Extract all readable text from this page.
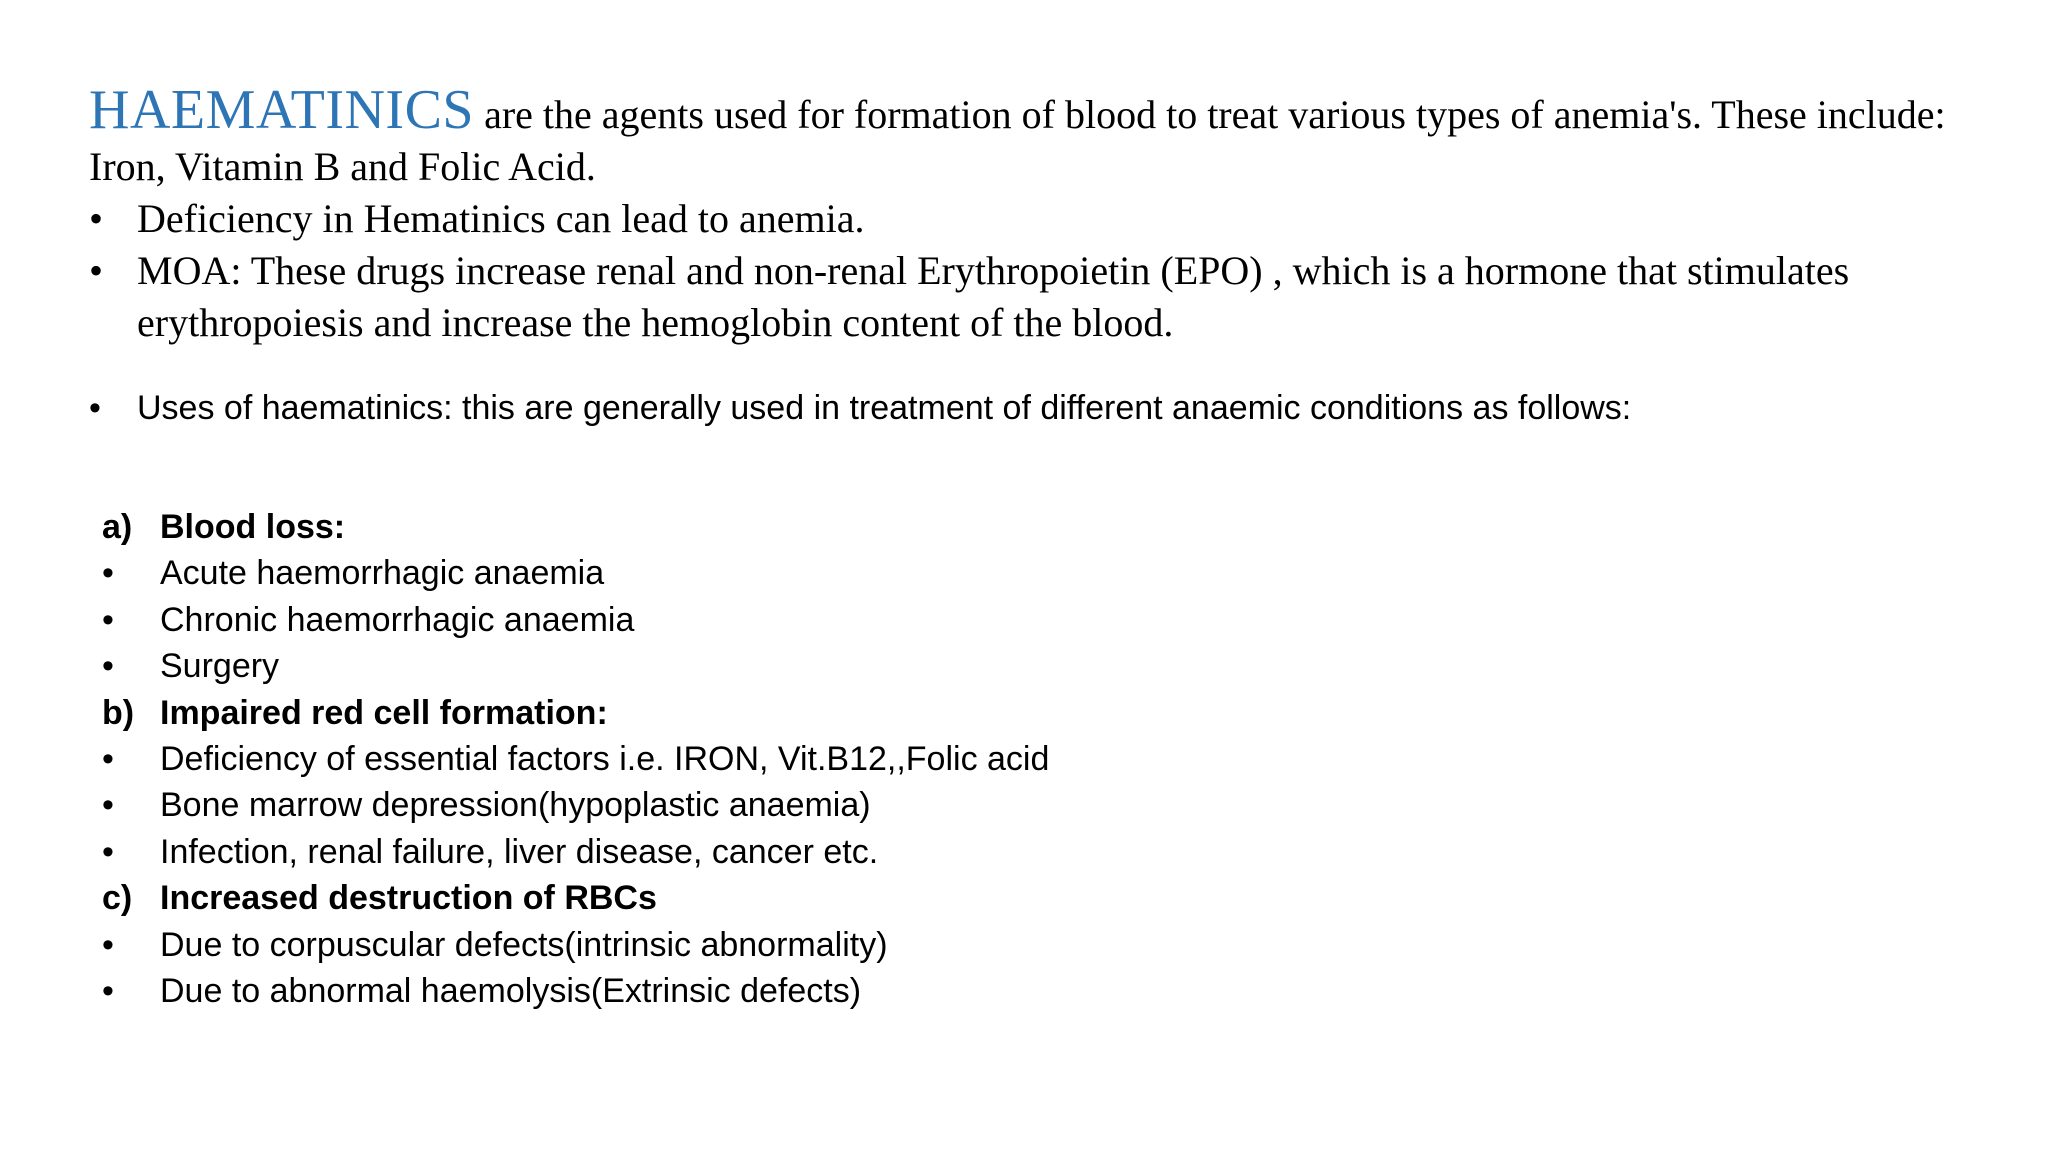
HAEMATINICS are the agents used for formation of blood to treat various types of anemia's. These include: Iron, Vitamin B and Folic Acid.

• Deficiency in Hematinics can lead to anemia.
• MOA: These drugs increase renal and non-renal Erythropoietin (EPO) , which is a hormone that stimulates erythropoiesis and increase the hemoglobin content of the blood.
•	Uses of haematinics: this are generally used in treatment of different anaemic conditions as follows:
a) Blood loss:
•	Acute haemorrhagic anaemia
•	Chronic haemorrhagic anaemia
•	Surgery
b) Impaired red cell formation:
•	Deficiency of essential factors i.e. IRON, Vit.B12,,Folic acid
•	Bone marrow depression(hypoplastic anaemia)
•	Infection, renal failure, liver disease, cancer etc.
c) Increased destruction of RBCs
•	Due to corpuscular defects(intrinsic abnormality)
•	Due to abnormal haemolysis(Extrinsic defects)
